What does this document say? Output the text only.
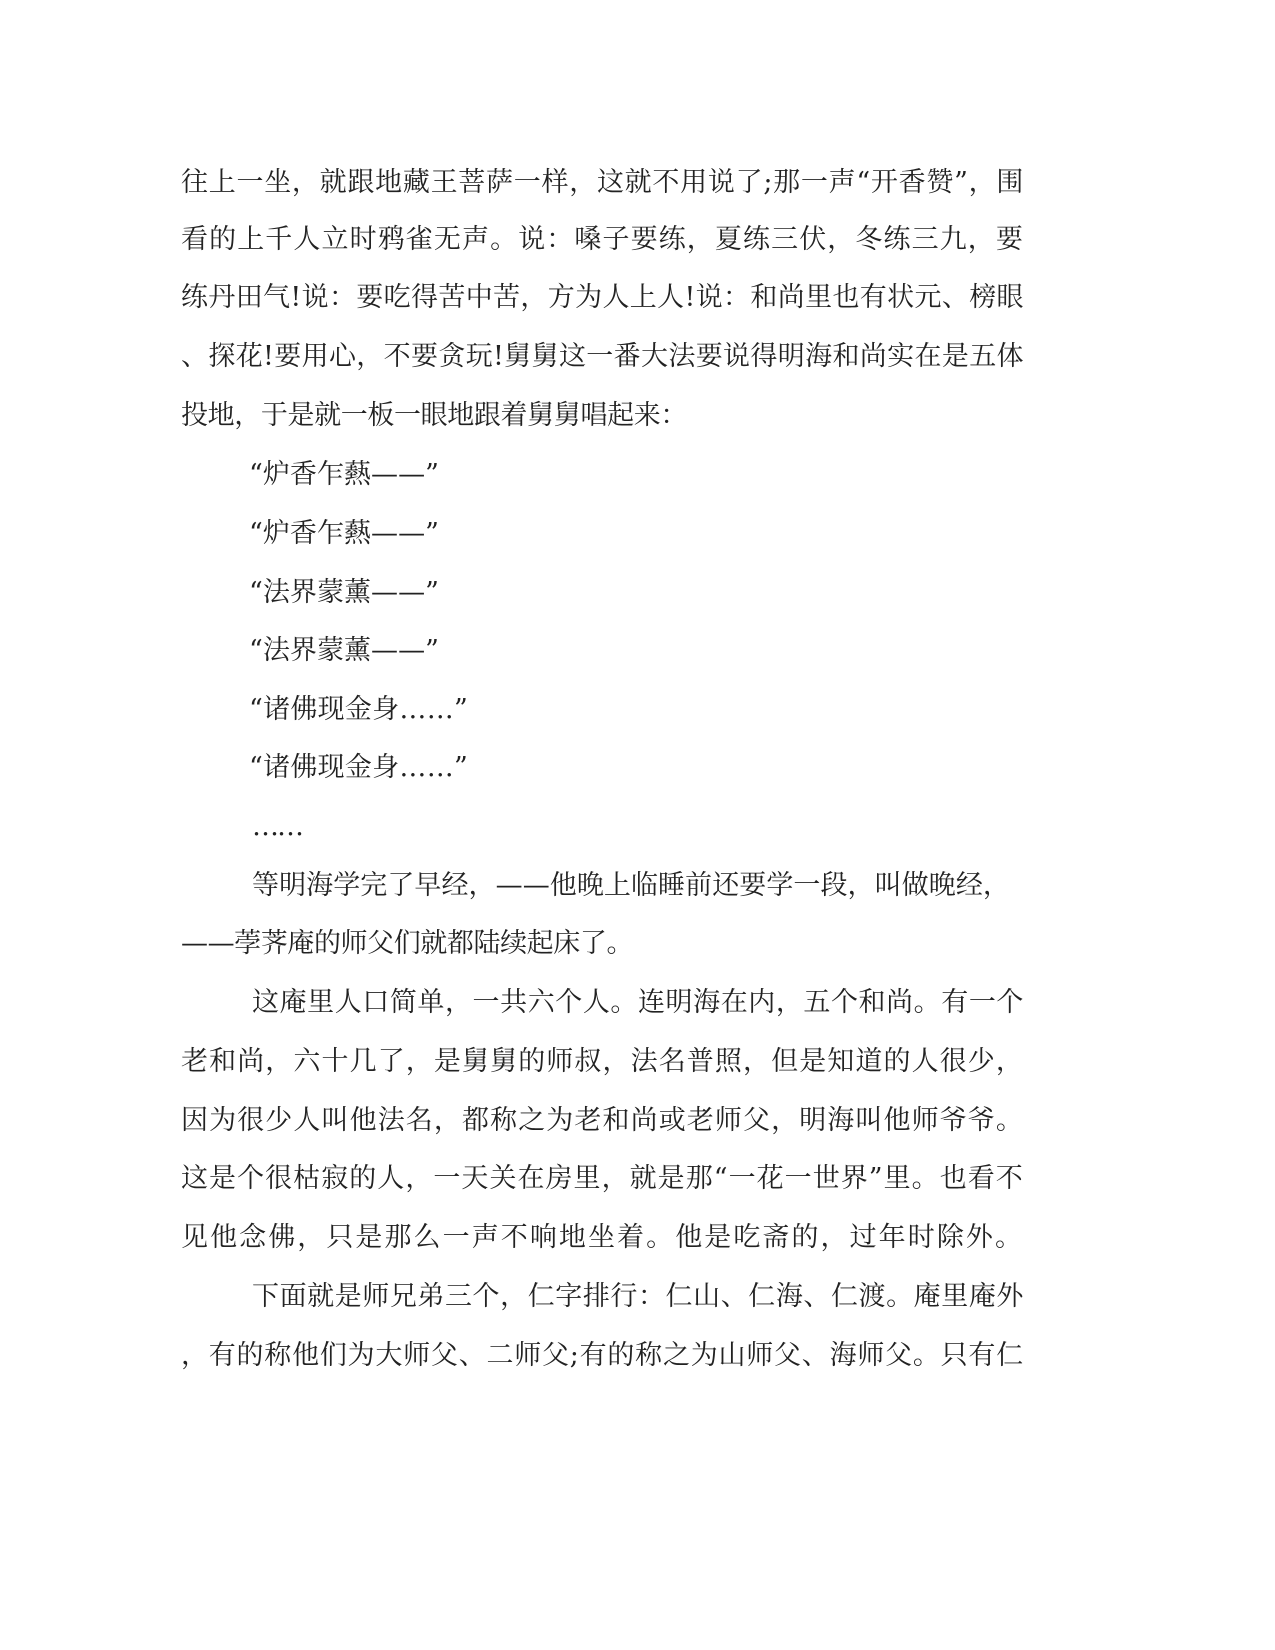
往上一坐，就跟地藏王菩萨一样，这就不用说了;那一声“开香赞”，围
看的上千人立时鸦雀无声。说：嗓子要练，夏练三伏，冬练三九，要
练丹田气!说：要吃得苦中苦，方为人上人!说：和尚里也有状元、榜眼
、探花!要用心，不要贪玩!舅舅这一番大法要说得明海和尚实在是五体
投地，于是就一板一眼地跟着舅舅唱起来：
“炉香乍爇——”
“炉香乍爇——”
“法界蒙薰——”
“法界蒙薰——”
“诸佛现金身……”
“诸佛现金身……”
……
等明海学完了早经，——他晚上临睡前还要学一段，叫做晚经，
——荸荠庵的师父们就都陆续起床了。
这庵里人口简单，一共六个人。连明海在内，五个和尚。有一个
老和尚，六十几了，是舅舅的师叔，法名普照，但是知道的人很少，
因为很少人叫他法名，都称之为老和尚或老师父，明海叫他师爷爷。
这是个很枯寂的人，一天关在房里，就是那“一花一世界”里。也看不
见他念佛，只是那么一声不响地坐着。他是吃斋的，过年时除外。
下面就是师兄弟三个，仁字排行：仁山、仁海、仁渡。庵里庵外
，有的称他们为大师父、二师父;有的称之为山师父、海师父。只有仁
